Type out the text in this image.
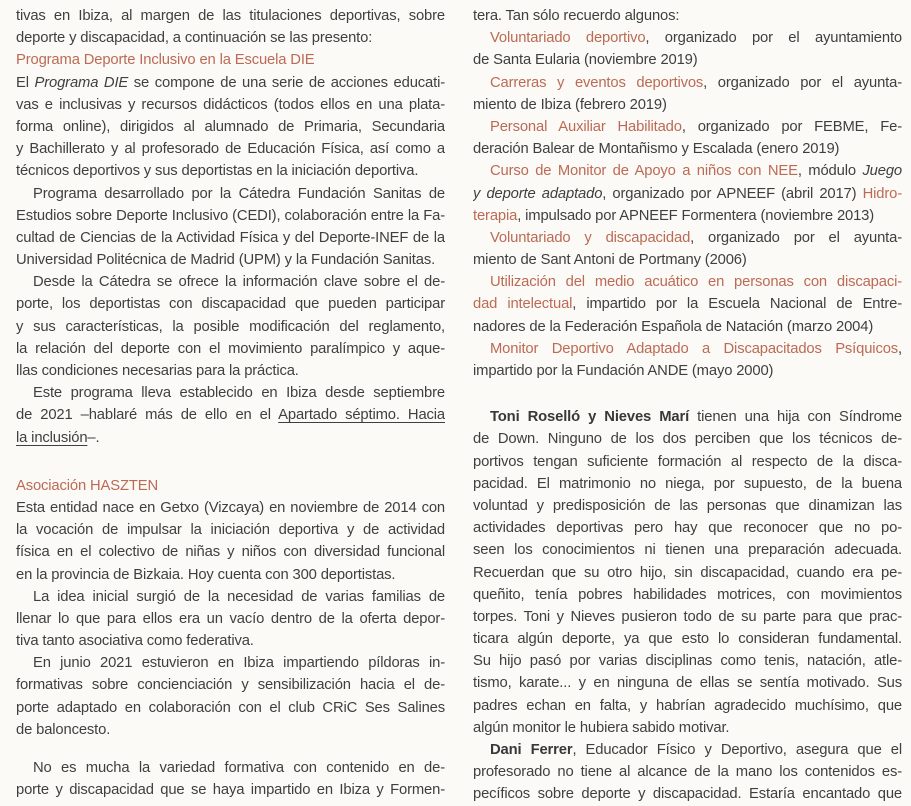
tivas en Ibiza, al margen de las titulaciones deportivas, sobre
deporte y discapacidad, a continuación se las presento:
Programa Deporte Inclusivo en la Escuela DIE
El Programa DIE se compone de una serie de acciones educati-
vas e inclusivas y recursos didácticos (todos ellos en una plata-
forma online), dirigidos al alumnado de Primaria, Secundaria
y Bachillerato y al profesorado de Educación Física, así como a
técnicos deportivos y sus deportistas en la iniciación deportiva.
Programa desarrollado por la Cátedra Fundación Sanitas de
Estudios sobre Deporte Inclusivo (CEDI), colaboración entre la Fa-
cultad de Ciencias de la Actividad Física y del Deporte-INEF de la
Universidad Politécnica de Madrid (UPM) y la Fundación Sanitas.
Desde la Cátedra se ofrece la información clave sobre el de-
porte, los deportistas con discapacidad que pueden participar
y sus características, la posible modificación del reglamento,
la relación del deporte con el movimiento paralímpico y aque-
llas condiciones necesarias para la práctica.
Este programa lleva establecido en Ibiza desde septiembre
de 2021 –hablaré más de ello en el Apartado séptimo. Hacia
la inclusión–.
Asociación HASZTEN
Esta entidad nace en Getxo (Vizcaya) en noviembre de 2014 con
la vocación de impulsar la iniciación deportiva y de actividad
física en el colectivo de niñas y niños con diversidad funcional
en la provincia de Bizkaia. Hoy cuenta con 300 deportistas.
La idea inicial surgió de la necesidad de varias familias de
llenar lo que para ellos era un vacío dentro de la oferta depor-
tiva tanto asociativa como federativa.
En junio 2021 estuvieron en Ibiza impartiendo píldoras in-
formativas sobre concienciación y sensibilización hacia el de-
porte adaptado en colaboración con el club CRiC Ses Salines
de baloncesto.
No es mucha la variedad formativa con contenido en de-
porte y discapacidad que se haya impartido en Ibiza y Formen-
tera. Tan sólo recuerdo algunos:
Voluntariado deportivo, organizado por el ayuntamiento
de Santa Eularia (noviembre 2019)
Carreras y eventos deportivos, organizado por el ayunta-
miento de Ibiza (febrero 2019)
Personal Auxiliar Habilitado, organizado por FEBME, Fe-
deración Balear de Montañismo y Escalada (enero 2019)
Curso de Monitor de Apoyo a niños con NEE, módulo Juego
y deporte adaptado, organizado por APNEEF (abril 2017) Hidro-
terapia, impulsado por APNEEF Formentera (noviembre 2013)
Voluntariado y discapacidad, organizado por el ayunta-
miento de Sant Antoni de Portmany (2006)
Utilización del medio acuático en personas con discapaci-
dad intelectual, impartido por la Escuela Nacional de Entre-
nadores de la Federación Española de Natación (marzo 2004)
Monitor Deportivo Adaptado a Discapacitados Psíquicos,
impartido por la Fundación ANDE (mayo 2000)
Toni Roselló y Nieves Marí tienen una hija con Síndrome
de Down. Ninguno de los dos perciben que los técnicos de-
portivos tengan suficiente formación al respecto de la disca-
pacidad. El matrimonio no niega, por supuesto, de la buena
voluntad y predisposición de las personas que dinamizan las
actividades deportivas pero hay que reconocer que no po-
seen los conocimientos ni tienen una preparación adecuada.
Recuerdan que su otro hijo, sin discapacidad, cuando era pe-
queñito, tenía pobres habilidades motrices, con movimientos
torpes. Toni y Nieves pusieron todo de su parte para que prac-
ticara algún deporte, ya que esto lo consideran fundamental.
Su hijo pasó por varias disciplinas como tenis, natación, atle-
tismo, karate... y en ninguna de ellas se sentía motivado. Sus
padres echan en falta, y habrían agradecido muchísimo, que
algún monitor le hubiera sabido motivar.
Dani Ferrer, Educador Físico y Deportivo, asegura que el
profesorado no tiene al alcance de la mano los contenidos es-
pecíficos sobre deporte y discapacidad. Estaría encantado que
